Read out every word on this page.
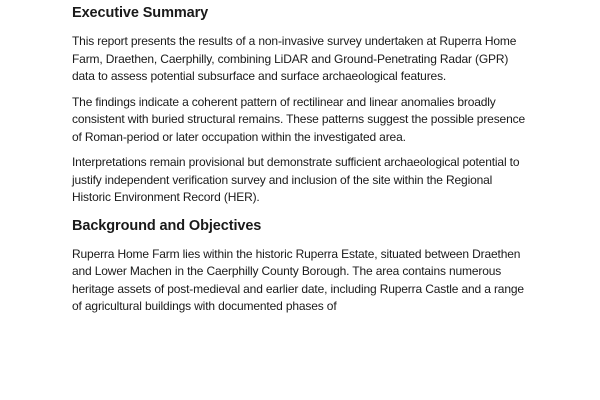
Executive Summary

This report presents the results of a non-invasive survey undertaken at Ruperra Home Farm, Draethen, Caerphilly, combining LiDAR and Ground-Penetrating Radar (GPR) data to assess potential subsurface and surface archaeological features.

The findings indicate a coherent pattern of rectilinear and linear anomalies broadly consistent with buried structural remains. These patterns suggest the possible presence of Roman-period or later occupation within the investigated area.

Interpretations remain provisional but demonstrate sufficient archaeological potential to justify independent verification survey and inclusion of the site within the Regional Historic Environment Record (HER).

Background and Objectives

Ruperra Home Farm lies within the historic Ruperra Estate, situated between Draethen and Lower Machen in the Caerphilly County Borough. The area contains numerous heritage assets of post-medieval and earlier date, including Ruperra Castle and a range of agricultural buildings with documented phases of
